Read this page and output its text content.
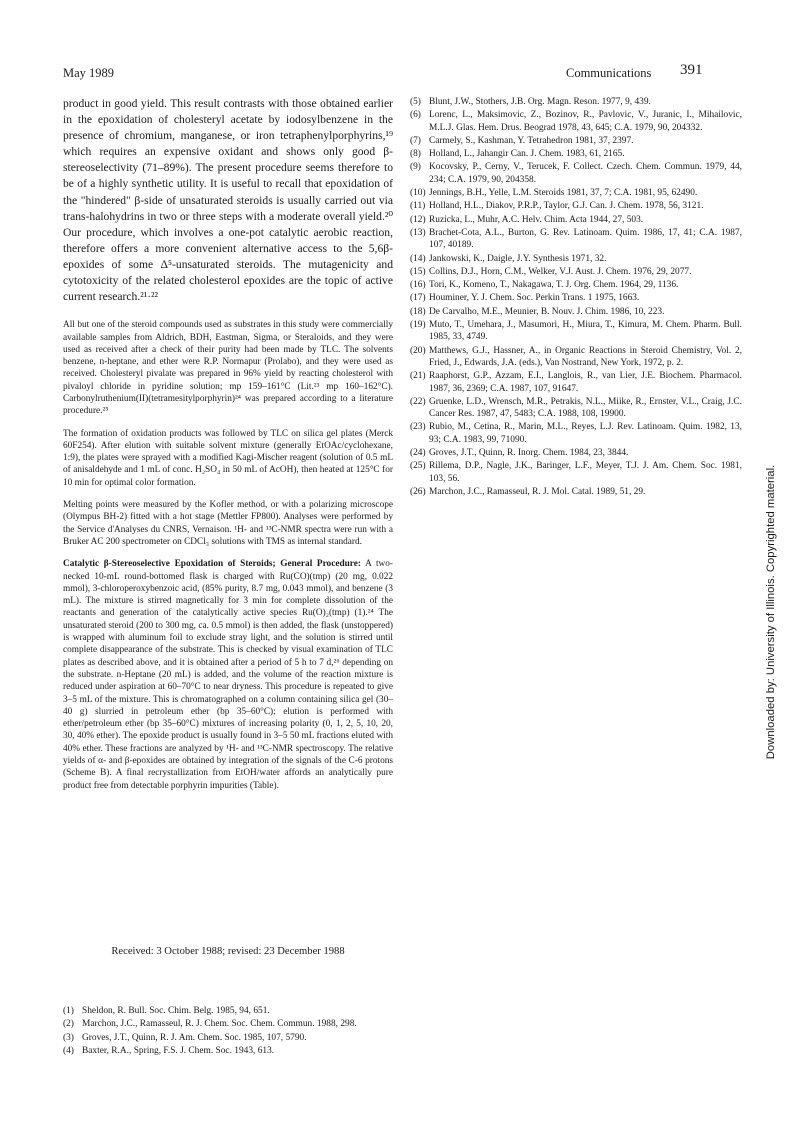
May 1989	Communications 391

product in good yield. This result contrasts with those obtained earlier in the epoxidation of cholesteryl acetate by iodosylbenzene in the presence of chromium, manganese, or iron tetraphenylporphyrins,¹⁹ which requires an expensive oxidant and shows only good β-stereoselectivity (71–89%). The present procedure seems therefore to be of a highly synthetic utility. It is useful to recall that epoxidation of the "hindered" β-side of unsaturated steroids is usually carried out via trans-halohydrins in two or three steps with a moderate overall yield.²⁰ Our procedure, which involves a one-pot catalytic aerobic reaction, therefore offers a more convenient alternative access to the 5,6β-epoxides of some Δ⁵-unsaturated steroids. The mutagenicity and cytotoxicity of the related cholesterol epoxides are the topic of active current research.²¹·²²

All but one of the steroid compounds used as substrates in this study were commercially available samples from Aldrich, BDH, Eastman, Sigma, or Steraloids, and they were used as received after a check of their purity had been made by TLC. The solvents benzene, n-heptane, and ether were R.P. Normapur (Prolabo), and they were used as received. Cholesteryl pivalate was prepared in 96% yield by reacting cholesterol with pivaloyl chloride in pyridine solution; mp 159–161°C (Lit.²³ mp 160–162°C). Carbonylruthenium(II)(tetramesitylporphyrin)²⁴ was prepared according to a literature procedure.²⁵

The formation of oxidation products was followed by TLC on silica gel plates (Merck 60F254). After elution with suitable solvent mixture (generally EtOAc/cyclohexane, 1:9), the plates were sprayed with a modified Kagi-Mischer reagent (solution of 0.5 mL of anisaldehyde and 1 mL of conc. H₂SO₄ in 50 mL of AcOH), then heated at 125°C for 10 min for optimal color formation.

Melting points were measured by the Kofler method, or with a polarizing microscope (Olympus BH-2) fitted with a hot stage (Mettler FP800). Analyses were performed by the Service d'Analyses du CNRS, Vernaison. ¹H- and ¹³C-NMR spectra were run with a Bruker AC 200 spectrometer on CDCl₃ solutions with TMS as internal standard.

Catalytic β-Stereoselective Epoxidation of Steroids; General Procedure: A two-necked 10-mL round-bottomed flask is charged with Ru(CO)(tmp) (20 mg, 0.022 mmol), 3-chloroperoxybenzoic acid, (85% purity, 8.7 mg, 0.043 mmol), and benzene (3 mL). The mixture is stirred magnetically for 3 min for complete dissolution of the reactants and generation of the catalytically active species Ru(O)₂(tmp) (1).²⁴ The unsaturated steroid (200 to 300 mg, ca. 0.5 mmol) is then added, the flask (unstoppered) is wrapped with aluminum foil to exclude stray light, and the solution is stirred until complete disappearance of the substrate. This is checked by visual examination of TLC plates as described above, and it is obtained after a period of 5 h to 7 d,²⁶ depending on the substrate. n-Heptane (20 mL) is added, and the volume of the reaction mixture is reduced under aspiration at 60–70°C to near dryness. This procedure is repeated to give 3–5 mL of the mixture. This is chromatographed on a column containing silica gel (30–40 g) slurried in petroleum ether (bp 35–60°C); elution is performed with ether/petroleum ether (bp 35–60°C) mixtures of increasing polarity (0, 1, 2, 5, 10, 20, 30, 40% ether). The epoxide product is usually found in 3–5 50 mL fractions eluted with 40% ether. These fractions are analyzed by ¹H- and ¹³C-NMR spectroscopy. The relative yields of α- and β-epoxides are obtained by integration of the signals of the C-6 protons (Scheme B). A final recrystallization from EtOH/water affords an analytically pure product free from detectable porphyrin impurities (Table).

Received: 3 October 1988; revised: 23 December 1988
(1) Sheldon, R. Bull. Soc. Chim. Belg. 1985, 94, 651.
(2) Marchon, J.C., Ramasseul, R. J. Chem. Soc. Chem. Commun. 1988, 298.
(3) Groves, J.T., Quinn, R. J. Am. Chem. Soc. 1985, 107, 5790.
(4) Baxter, R.A., Spring, F.S. J. Chem. Soc. 1943, 613.
(5) Blunt, J.W., Stothers, J.B. Org. Magn. Reson. 1977, 9, 439.
(6) Lorenc, L., Maksimovic, Z., Bozinov, R., Pavlovic, V., Juranic, I., Mihailovic, M.L.J. Glas. Hem. Drus. Beograd 1978, 43, 645; C.A. 1979, 90, 204332.
(7) Carmely, S., Kashman, Y. Tetrahedron 1981, 37, 2397.
(8) Holland, L., Jahangir Can. J. Chem. 1983, 61, 2165.
(9) Kocovsky, P., Cerny, V., Terucek, F. Collect. Czech. Chem. Commun. 1979, 44, 234; C.A. 1979, 90, 204358.
(10) Jennings, B.H., Yelle, L.M. Steroids 1981, 37, 7; C.A. 1981, 95, 62490.
(11) Holland, H.L., Diakov, P.R.P., Taylor, G.J. Can. J. Chem. 1978, 56, 3121.
(12) Ruzicka, L., Muhr, A.C. Helv. Chim. Acta 1944, 27, 503.
(13) Brachet-Cota, A.L., Burton, G. Rev. Latinoam. Quim. 1986, 17, 41; C.A. 1987, 107, 40189.
(14) Jankowski, K., Daigle, J.Y. Synthesis 1971, 32.
(15) Collins, D.J., Horn, C.M., Welker, V.J. Aust. J. Chem. 1976, 29, 2077.
(16) Tori, K., Komeno, T., Nakagawa, T. J. Org. Chem. 1964, 29, 1136.
(17) Houminer, Y. J. Chem. Soc. Perkin Trans. 1 1975, 1663.
(18) De Carvalho, M.E., Meunier, B. Nouv. J. Chim. 1986, 10, 223.
(19) Muto, T., Umehara, J., Masumori, H., Miura, T., Kimura, M. Chem. Pharm. Bull. 1985, 33, 4749.
(20) Matthews, G.J., Hassner, A., in Organic Reactions in Steroid Chemistry, Vol. 2, Fried, J., Edwards, J.A. (eds.), Van Nostrand, New York, 1972, p. 2.
(21) Raaphorst, G.P., Azzam, E.I., Langlois, R., van Lier, J.E. Biochem. Pharmacol. 1987, 36, 2369; C.A. 1987, 107, 91647.
(22) Gruenke, L.D., Wrensch, M.R., Petrakis, N.L., Miike, R., Ernster, V.L., Craig, J.C. Cancer Res. 1987, 47, 5483; C.A. 1988, 108, 19900.
(23) Rubio, M., Cetina, R., Marin, M.L., Reyes, L.J. Rev. Latinoam. Quim. 1982, 13, 93; C.A. 1983, 99, 71090.
(24) Groves, J.T., Quinn, R. Inorg. Chem. 1984, 23, 3844.
(25) Rillema, D.P., Nagle, J.K., Baringer, L.F., Meyer, T.J. J. Am. Chem. Soc. 1981, 103, 56.
(26) Marchon, J.C., Ramasseul, R. J. Mol. Catal. 1989, 51, 29.	Downloaded by: University of Illinois. Copyrighted material.
